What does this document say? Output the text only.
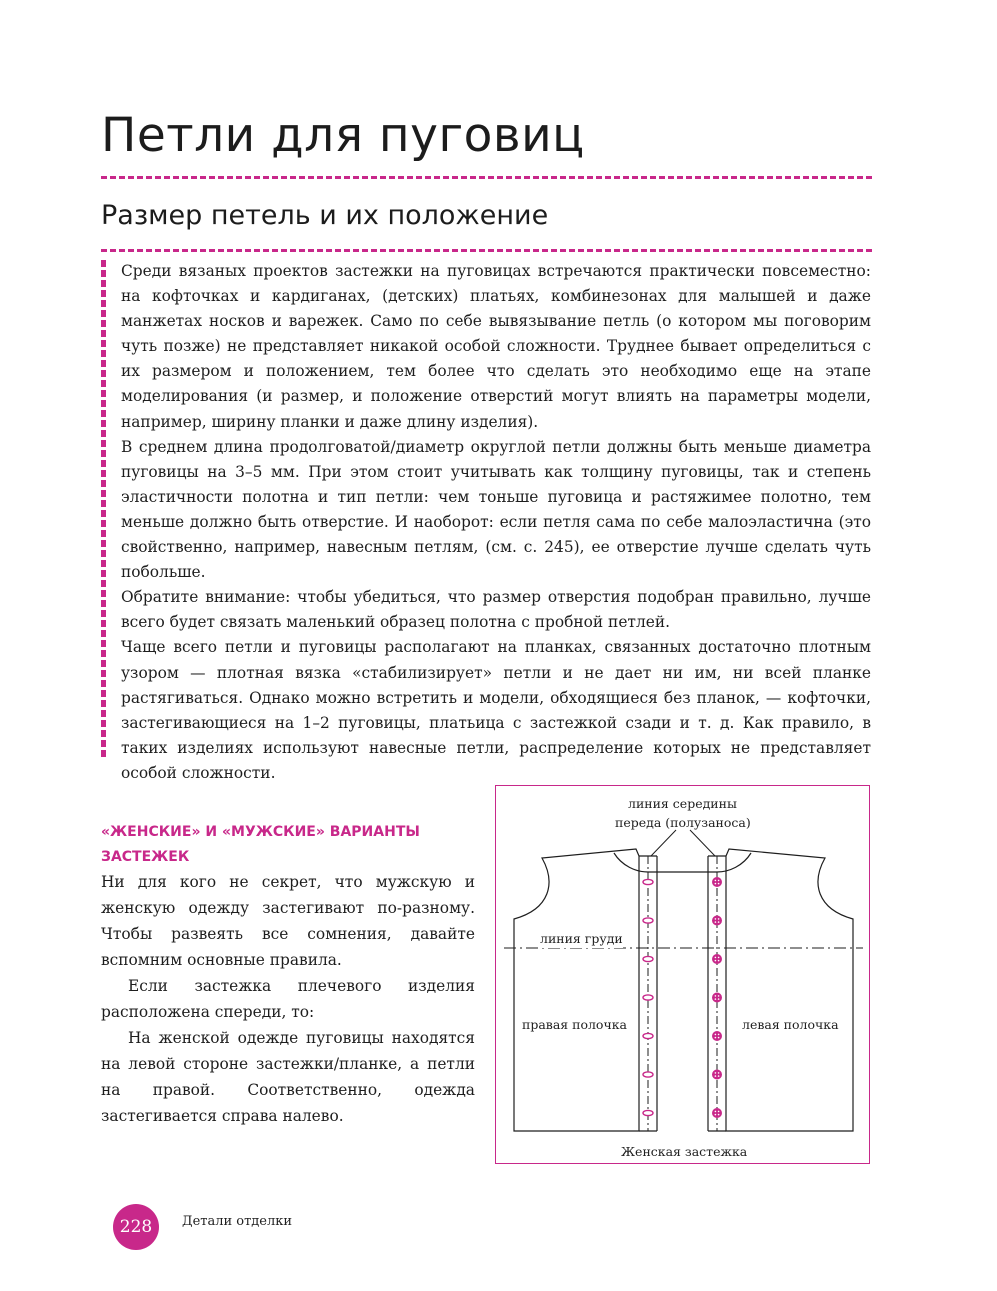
Петли для пуговиц
Размер петель и их положение

Среди вязаных проектов застежки на пуговицах встречаются практически повсеместно: на кофточках и кардиганах, (детских) платьях, комбинезонах для малышей и даже манжетах носков и варежек. Само по себе вывязывание петль (о котором мы поговорим чуть позже) не представляет никакой особой сложности. Труднее бывает определиться с их размером и положением, тем более что сделать это необходимо еще на этапе моделирования (и размер, и положение отверстий могут влиять на параметры модели, например, ширину планки и даже длину изделия).

В среднем длина продолговатой/диаметр округлой петли должны быть меньше диаметра пуговицы на 3–5 мм. При этом стоит учитывать как толщину пуговицы, так и степень эластичности полотна и тип петли: чем тоньше пуговица и растяжимее полотно, тем меньше должно быть отверстие. И наоборот: если петля сама по себе малоэластична (это свойственно, например, навесным петлям, (см. с. 245), ее отверстие лучше сделать чуть побольше.

Обратите внимание: чтобы убедиться, что размер отверстия подобран правильно, лучше всего будет связать маленький образец полотна с пробной петлей.

Чаще всего петли и пуговицы располагают на планках, связанных достаточно плотным узором — плотная вязка «стабилизирует» петли и не дает ни им, ни всей планке растягиваться. Однако можно встретить и модели, обходящиеся без планок, — кофточки, застегивающиеся на 1–2 пуговицы, платьица с застежкой сзади и т. д. Как правило, в таких изделиях используют навесные петли, распределение которых не представляет особой сложности.

«ЖЕНСКИЕ» И «МУЖСКИЕ» ВАРИАНТЫ ЗАСТЕЖЕК

Ни для кого не секрет, что мужскую и женскую одежду застегивают по-разному. Чтобы развеять все сомнения, давайте вспомним основные правила.

Если застежка плечевого изделия расположена спереди, то:

На женской одежде пуговицы находятся на левой стороне застежки/планке, а петли на правой. Соответственно, одежда застегивается справа налево.

линия середины
переда (полузаноса)
линия груди
правая полочка	левая полочка
Женская застежка
228	Детали отделки
